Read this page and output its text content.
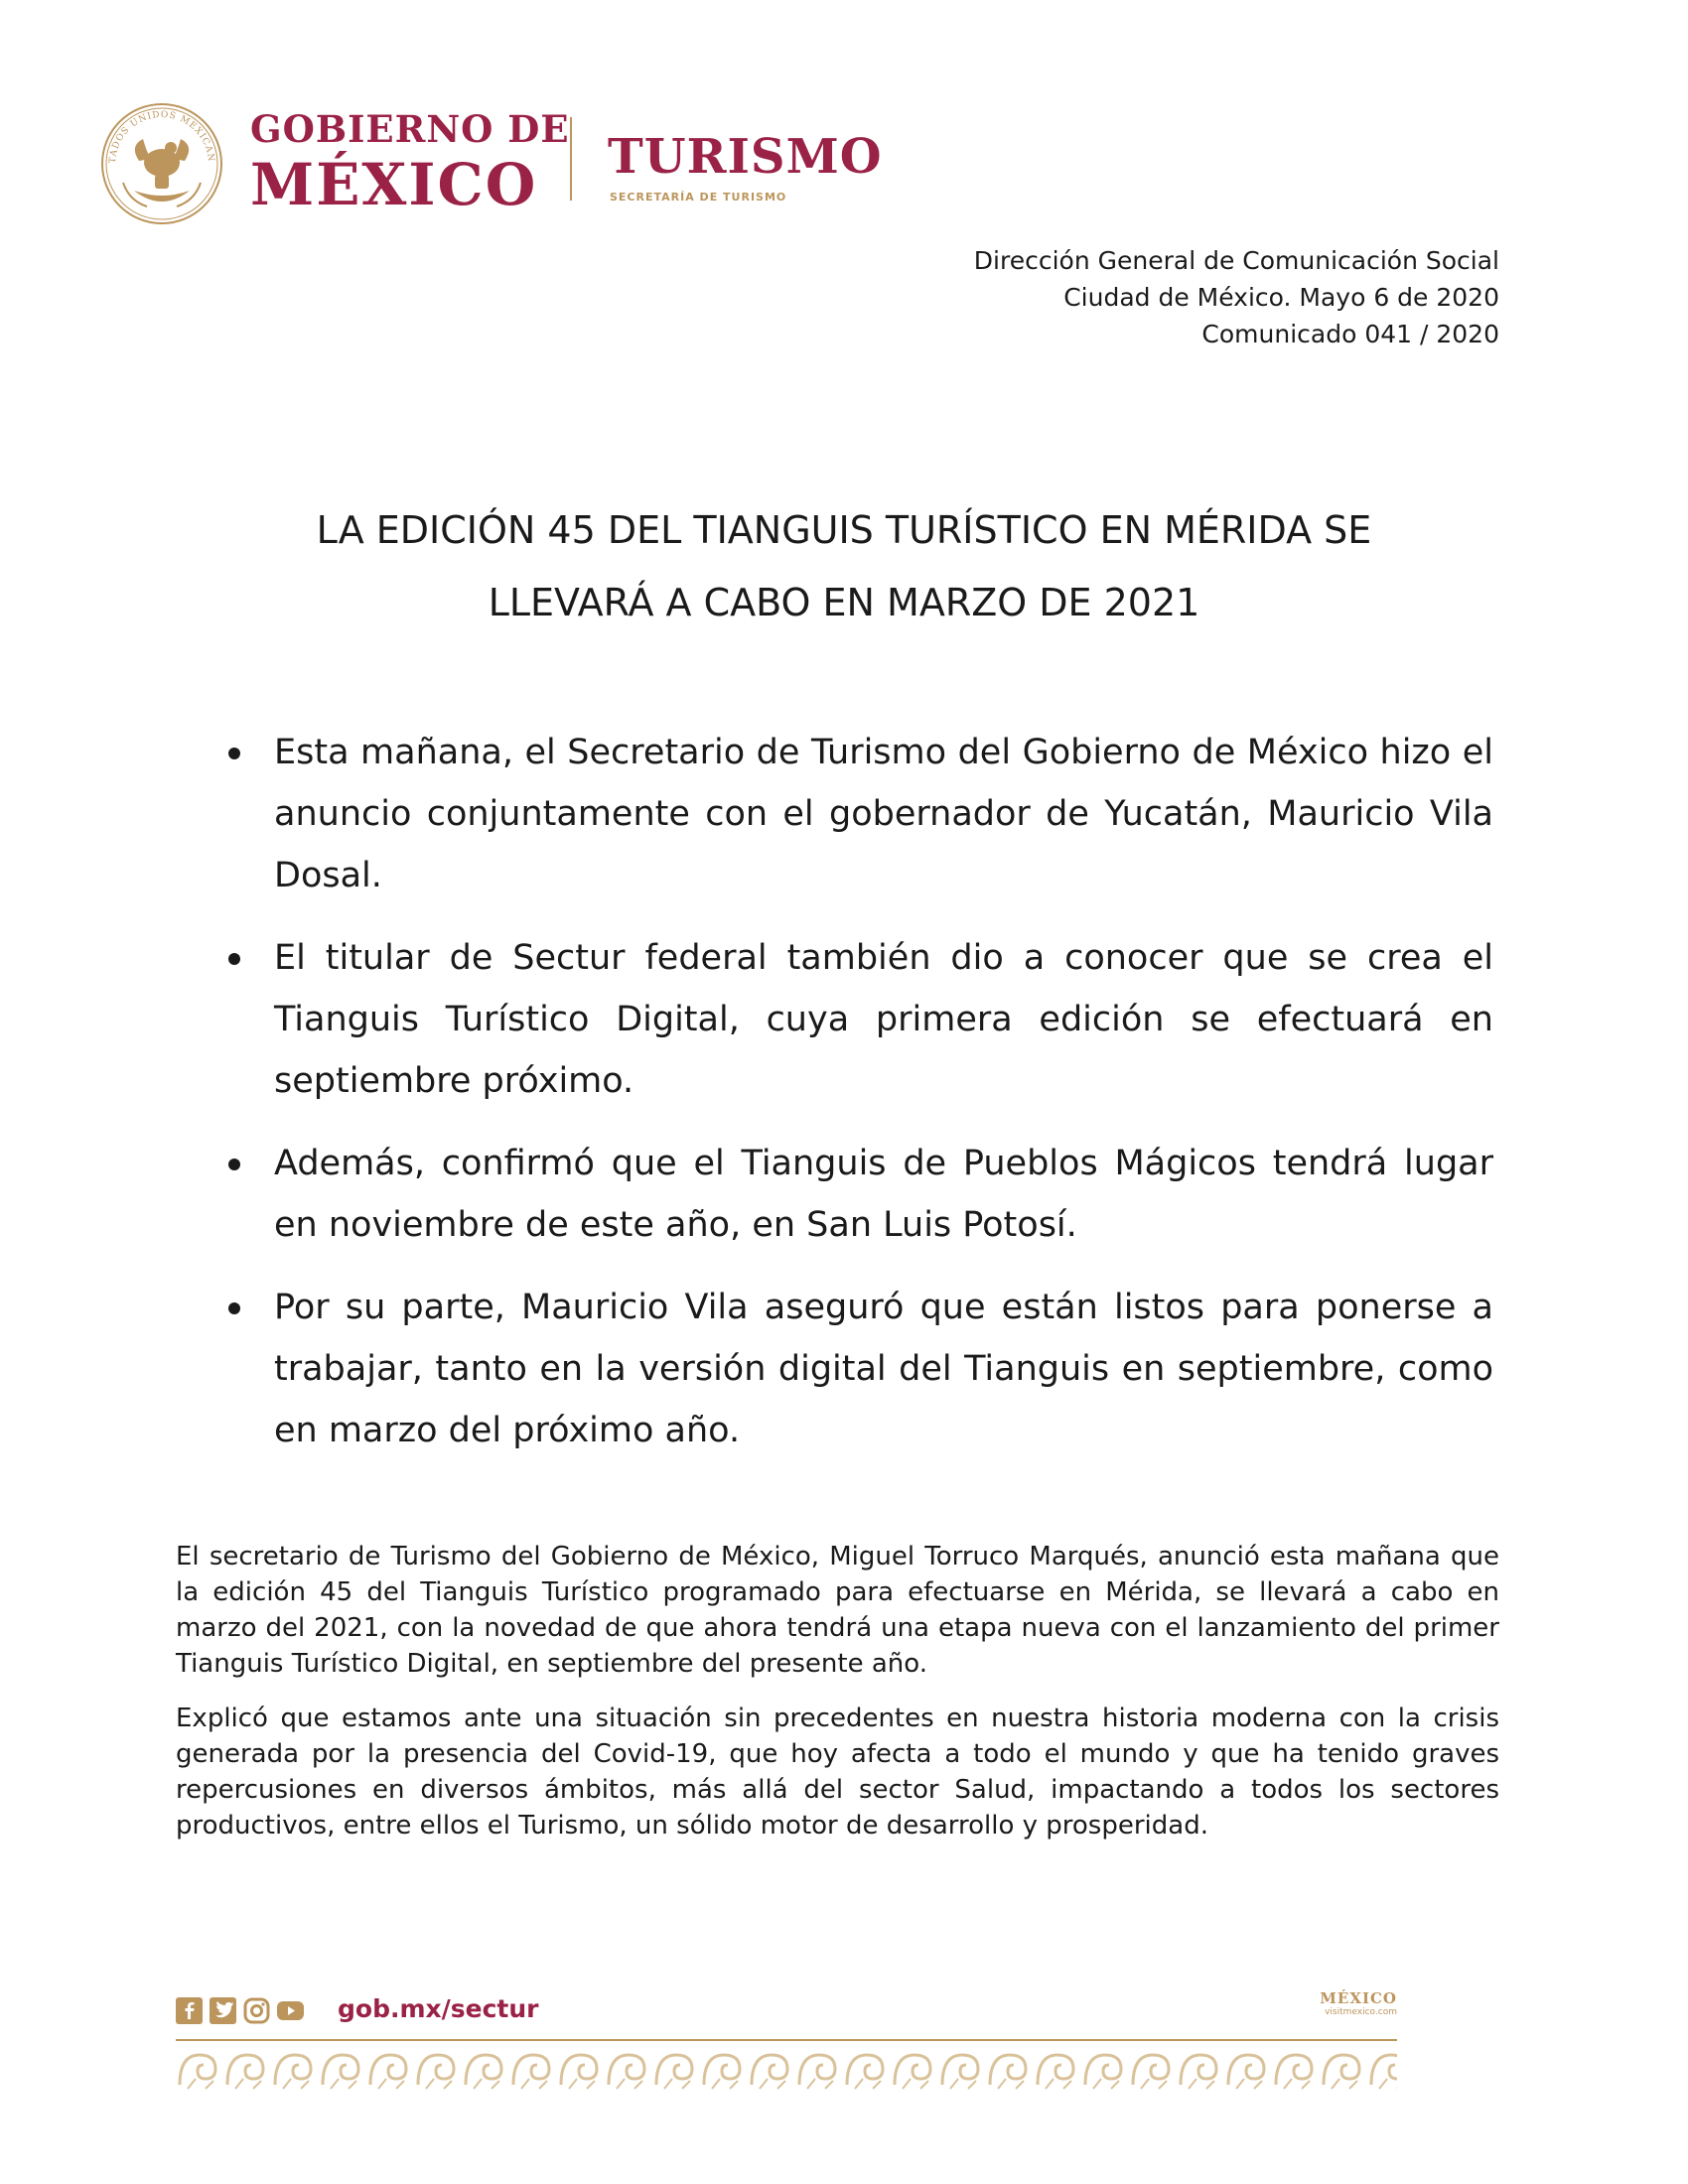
TADOS UNIDOS MEXICAN
GOBIERNO DE
MÉXICO	TURISMO
SECRETARÍA DE TURISMO
Dirección General de Comunicación Social
Ciudad de México. Mayo 6 de 2020
Comunicado 041 / 2020
LA EDICIÓN 45 DEL TIANGUIS TURÍSTICO EN MÉRIDA SE
LLEVARÁ A CABO EN MARZO DE 2021
Esta mañana, el Secretario de Turismo del Gobierno de México hizo el anuncio conjuntamente con el gobernador de Yucatán, Mauricio Vila Dosal.
El titular de Sectur federal también dio a conocer que se crea el Tianguis Turístico Digital, cuya primera edición se efectuará en septiembre próximo.
Además, confirmó que el Tianguis de Pueblos Mágicos tendrá lugar en noviembre de este año, en San Luis Potosí.
Por su parte, Mauricio Vila aseguró que están listos para ponerse a trabajar, tanto en la versión digital del Tianguis en septiembre, como en marzo del próximo año.

El secretario de Turismo del Gobierno de México, Miguel Torruco Marqués, anunció esta mañana que la edición 45 del Tianguis Turístico programado para efectuarse en Mérida, se llevará a cabo en marzo del 2021, con la novedad de que ahora tendrá una etapa nueva con el lanzamiento del primer Tianguis Turístico Digital, en septiembre del presente año.

Explicó que estamos ante una situación sin precedentes en nuestra historia moderna con la crisis generada por la presencia del Covid-19, que hoy afecta a todo el mundo y que ha tenido graves repercusiones en diversos ámbitos, más allá del sector Salud, impactando a todos los sectores productivos, entre ellos el Turismo, un sólido motor de desarrollo y prosperidad.

gob.mx/sectur	MÉXICO
visitmexico.com
